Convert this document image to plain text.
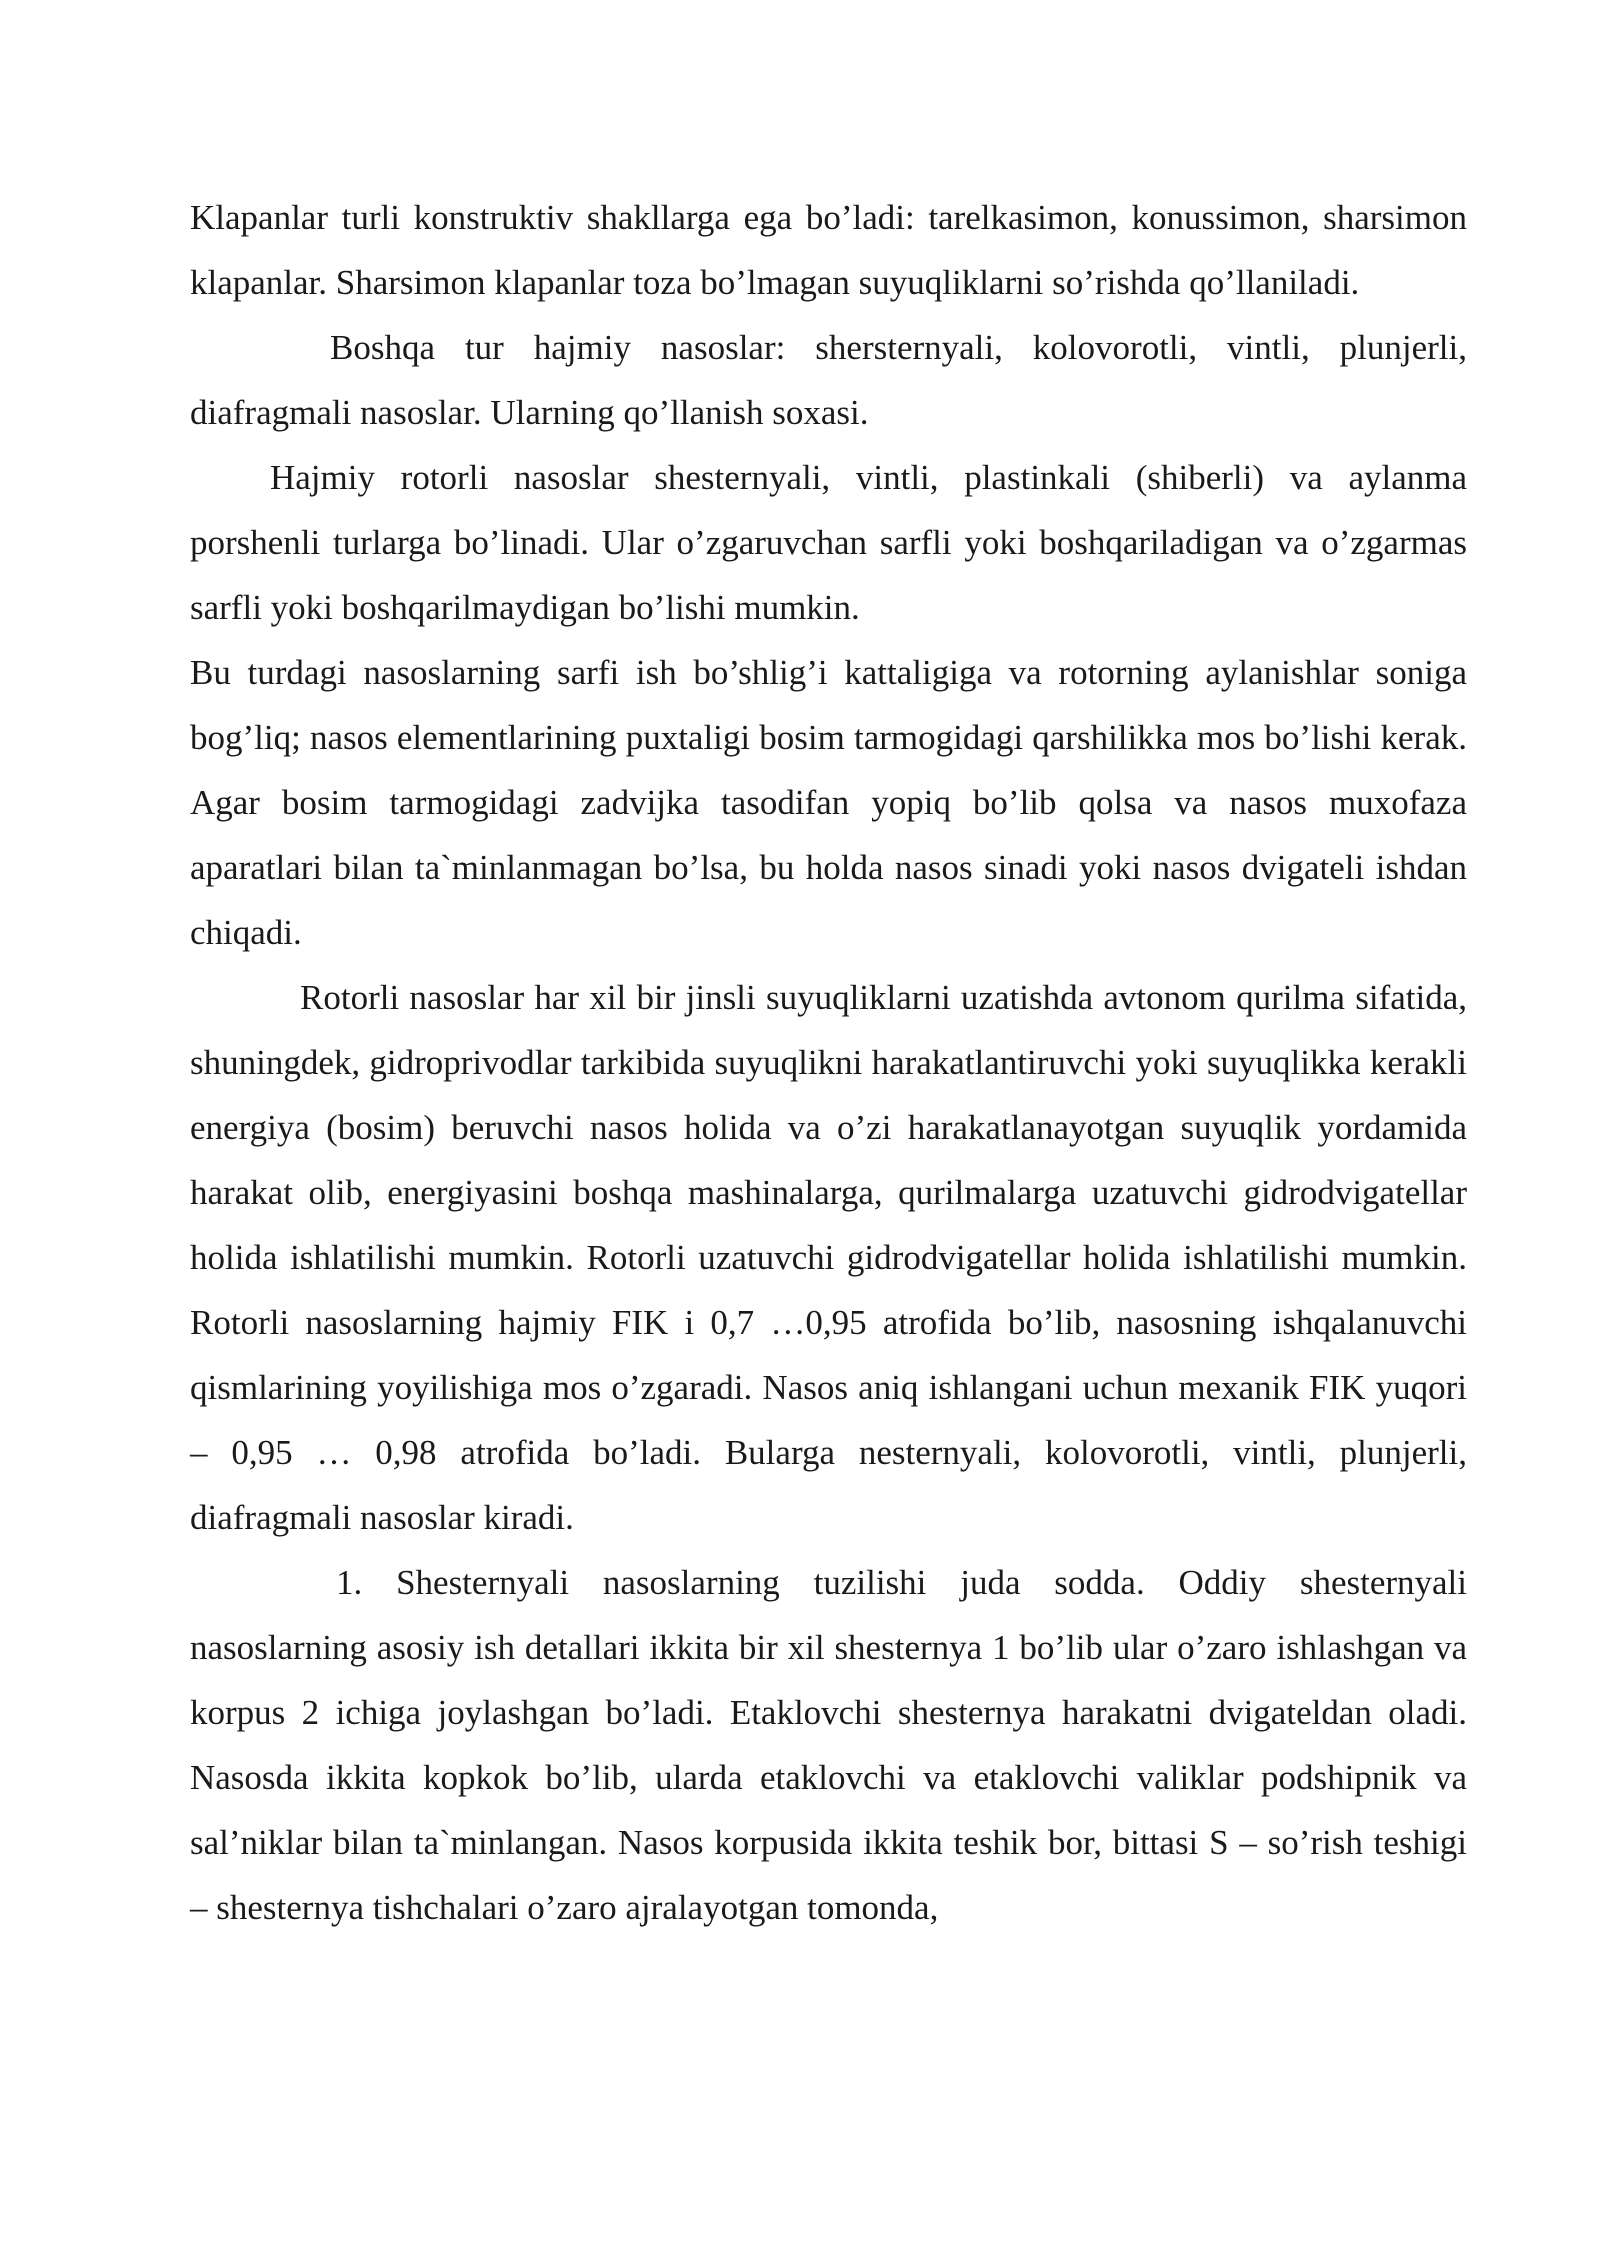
Klapanlar turli konstruktiv shakllarga ega bo’ladi: tarelkasimon, konussimon, sharsimon klapanlar. Sharsimon klapanlar toza bo’lmagan suyuqliklarni so’rishda qo’llaniladi.

Boshqa tur hajmiy nasoslar: shersternyali, kolovorotli, vintli, plunjerli, diafragmali nasoslar. Ularning qo’llanish soxasi.

Hajmiy rotorli nasoslar shesternyali, vintli, plastinkali (shiberli) va aylanma porshenli turlarga bo’linadi. Ular o’zgaruvchan sarfli yoki boshqariladigan va o’zgarmas sarfli yoki boshqarilmaydigan bo’lishi mumkin.

Bu turdagi nasoslarning sarfi ish bo’shlig’i kattaligiga va rotorning aylanishlar soniga bog’liq; nasos elementlarining puxtaligi bosim tarmogidagi qarshilikka mos bo’lishi kerak. Agar bosim tarmogidagi zadvijka tasodifan yopiq bo’lib qolsa va nasos muxofaza aparatlari bilan ta`minlanmagan bo’lsa, bu holda nasos sinadi yoki nasos dvigateli ishdan chiqadi.

Rotorli nasoslar har xil bir jinsli suyuqliklarni uzatishda avtonom qurilma sifatida, shuningdek, gidroprivodlar tarkibida suyuqlikni harakatlantiruvchi yoki suyuqlikka kerakli energiya (bosim) beruvchi nasos holida va o’zi harakatlanayotgan suyuqlik yordamida harakat olib, energiyasini boshqa mashinalarga, qurilmalarga uzatuvchi gidrodvigatellar holida ishlatilishi mumkin. Rotorli uzatuvchi gidrodvigatellar holida ishlatilishi mumkin. Rotorli nasoslarning hajmiy FIK i 0,7 …0,95 atrofida bo’lib, nasosning ishqalanuvchi qismlarining yoyilishiga mos o’zgaradi. Nasos aniq ishlangani uchun mexanik FIK yuqori – 0,95 … 0,98 atrofida bo’ladi. Bularga nesternyali, kolovorotli, vintli, plunjerli, diafragmali nasoslar kiradi.

1. Shesternyali nasoslarning tuzilishi juda sodda. Oddiy shesternyali nasoslarning asosiy ish detallari ikkita bir xil shesternya 1 bo’lib ular o’zaro ishlashgan va korpus 2 ichiga joylashgan bo’ladi. Etaklovchi shesternya harakatni dvigateldan oladi. Nasosda ikkita kopkok bo’lib, ularda etaklovchi va etaklovchi valiklar podshipnik va sal’niklar bilan ta`minlangan. Nasos korpusida ikkita teshik bor, bittasi S – so’rish teshigi – shesternya tishchalari o’zaro ajralayotgan tomonda,
